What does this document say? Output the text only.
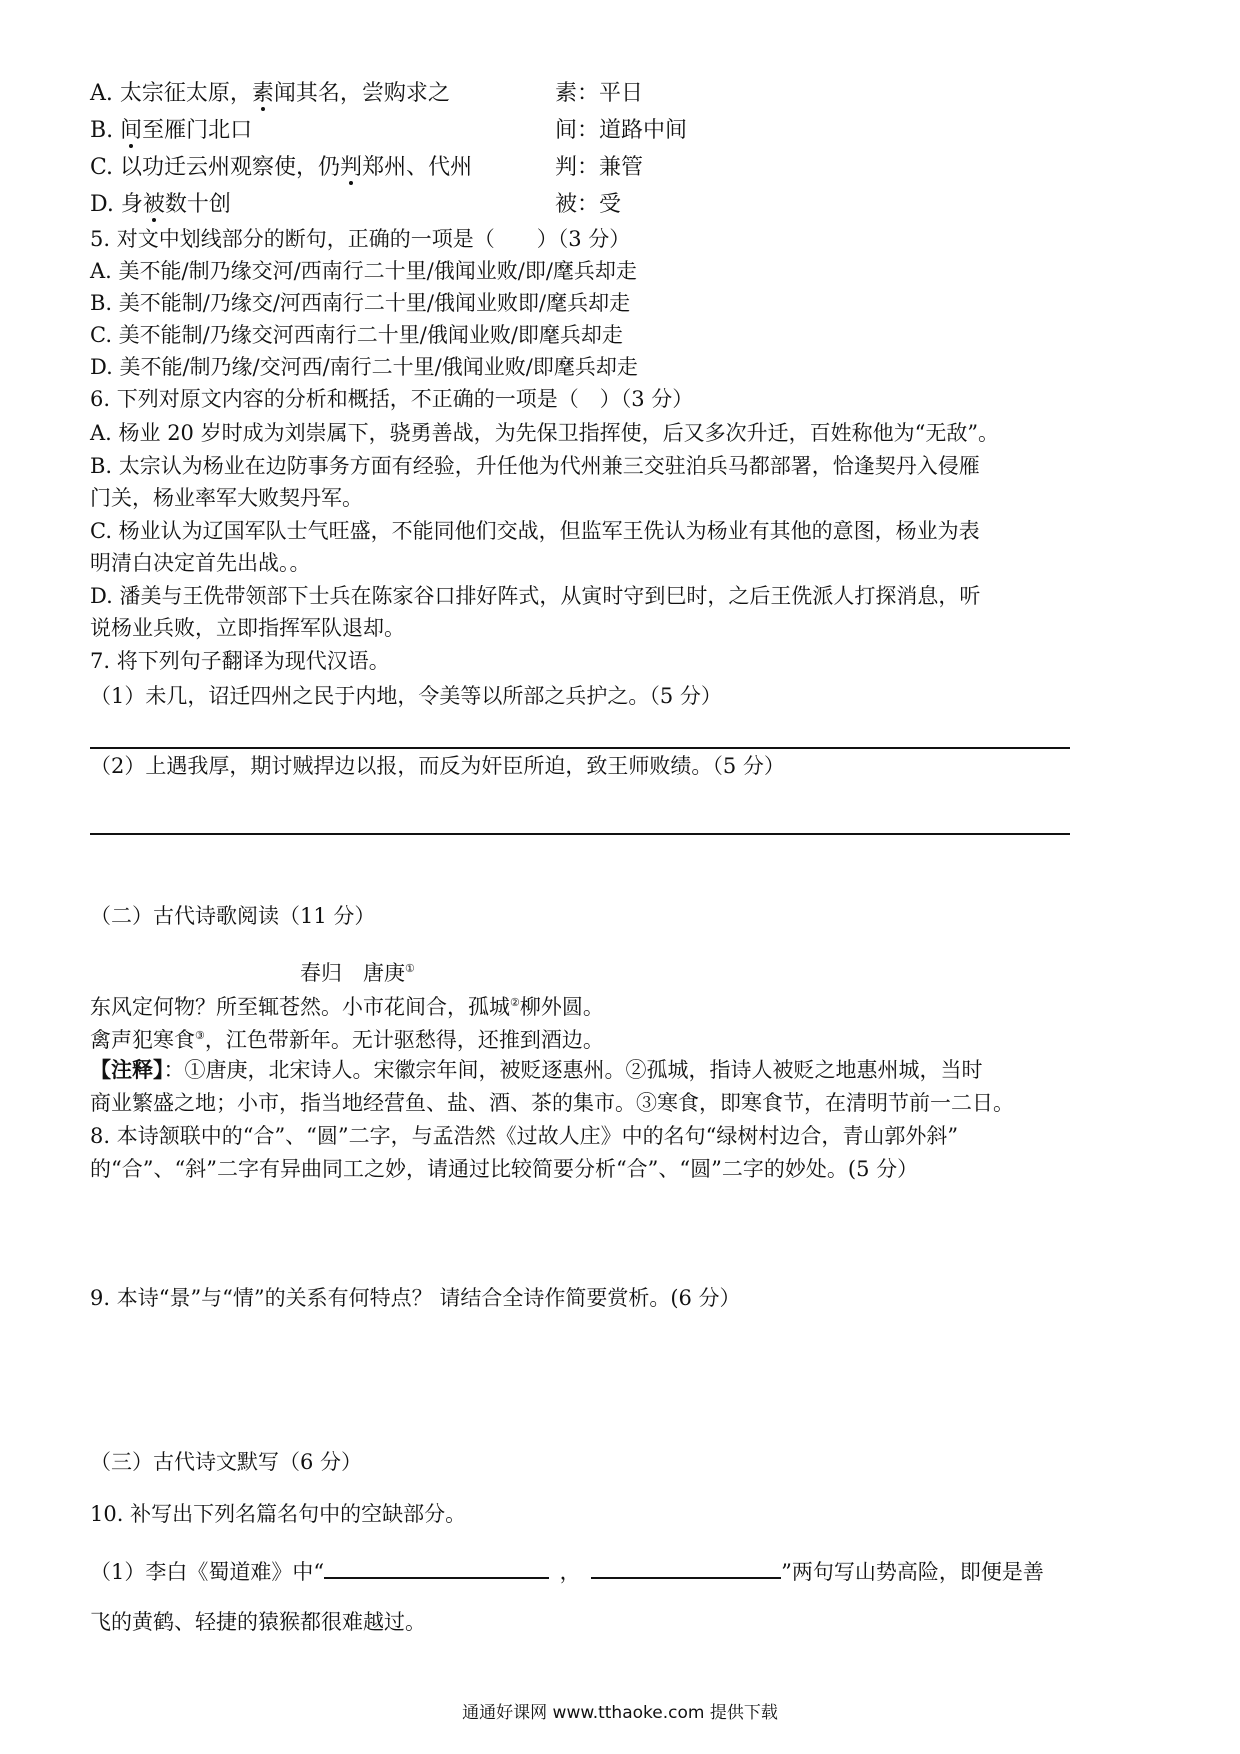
A. 太宗征太原，素闻其名，尝购求之	素：平日
B. 间至雁门北口	间：道路中间
C. 以功迁云州观察使，仍判郑州、代州	判：兼管
D. 身被数十创	被：受
5. 对文中划线部分的断句，正确的一项是（　　）（3 分）
A. 美不能/制乃缘交河/西南行二十里/俄闻业败/即/麾兵却走
B. 美不能制/乃缘交/河西南行二十里/俄闻业败即/麾兵却走
C. 美不能制/乃缘交河西南行二十里/俄闻业败/即麾兵却走
D. 美不能/制乃缘/交河西/南行二十里/俄闻业败/即麾兵却走
6. 下列对原文内容的分析和概括，不正确的一项是（　）（3 分）
A. 杨业 20 岁时成为刘崇属下，骁勇善战，为先保卫指挥使，后又多次升迁，百姓称他为“无敌”。
B. 太宗认为杨业在边防事务方面有经验，升任他为代州兼三交驻泊兵马都部署，恰逢契丹入侵雁
门关，杨业率军大败契丹军。
C. 杨业认为辽国军队士气旺盛，不能同他们交战，但监军王侁认为杨业有其他的意图，杨业为表
明清白决定首先出战。。
D. 潘美与王侁带领部下士兵在陈家谷口排好阵式，从寅时守到巳时，之后王侁派人打探消息，听
说杨业兵败，立即指挥军队退却。
7. 将下列句子翻译为现代汉语。
（1）未几，诏迁四州之民于内地，令美等以所部之兵护之。（5 分）
（2）上遇我厚，期讨贼捍边以报，而反为奸臣所迫，致王师败绩。（5 分）
（二）古代诗歌阅读（11 分）
春归　 唐庚①
东风定何物？所至辄苍然。小市花间合，孤城②柳外圆。
禽声犯寒食③，江色带新年。无计驱愁得，还推到酒边。
【注释】：①唐庚，北宋诗人。宋徽宗年间，被贬逐惠州。②孤城，指诗人被贬之地惠州城，当时
商业繁盛之地；小市，指当地经营鱼、盐、酒、茶的集市。③寒食，即寒食节，在清明节前一二日。
8. 本诗颔联中的“合”、“圆”二字，与孟浩然《过故人庄》中的名句“绿树村边合，青山郭外斜”
的“合”、“斜”二字有异曲同工之妙，请通过比较简要分析“合”、“圆”二字的妙处。(5 分）
9. 本诗“景”与“情”的关系有何特点？ 请结合全诗作简要赏析。(6 分）
（三）古代诗文默写（6 分）
10. 补写出下列名篇名句中的空缺部分。
（1）李白《蜀道难》中“ 	， 	”两句写山势高险，即便是善
飞的黄鹤、轻捷的猿猴都很难越过。
通通好课网 www.tthaoke.com 提供下载
